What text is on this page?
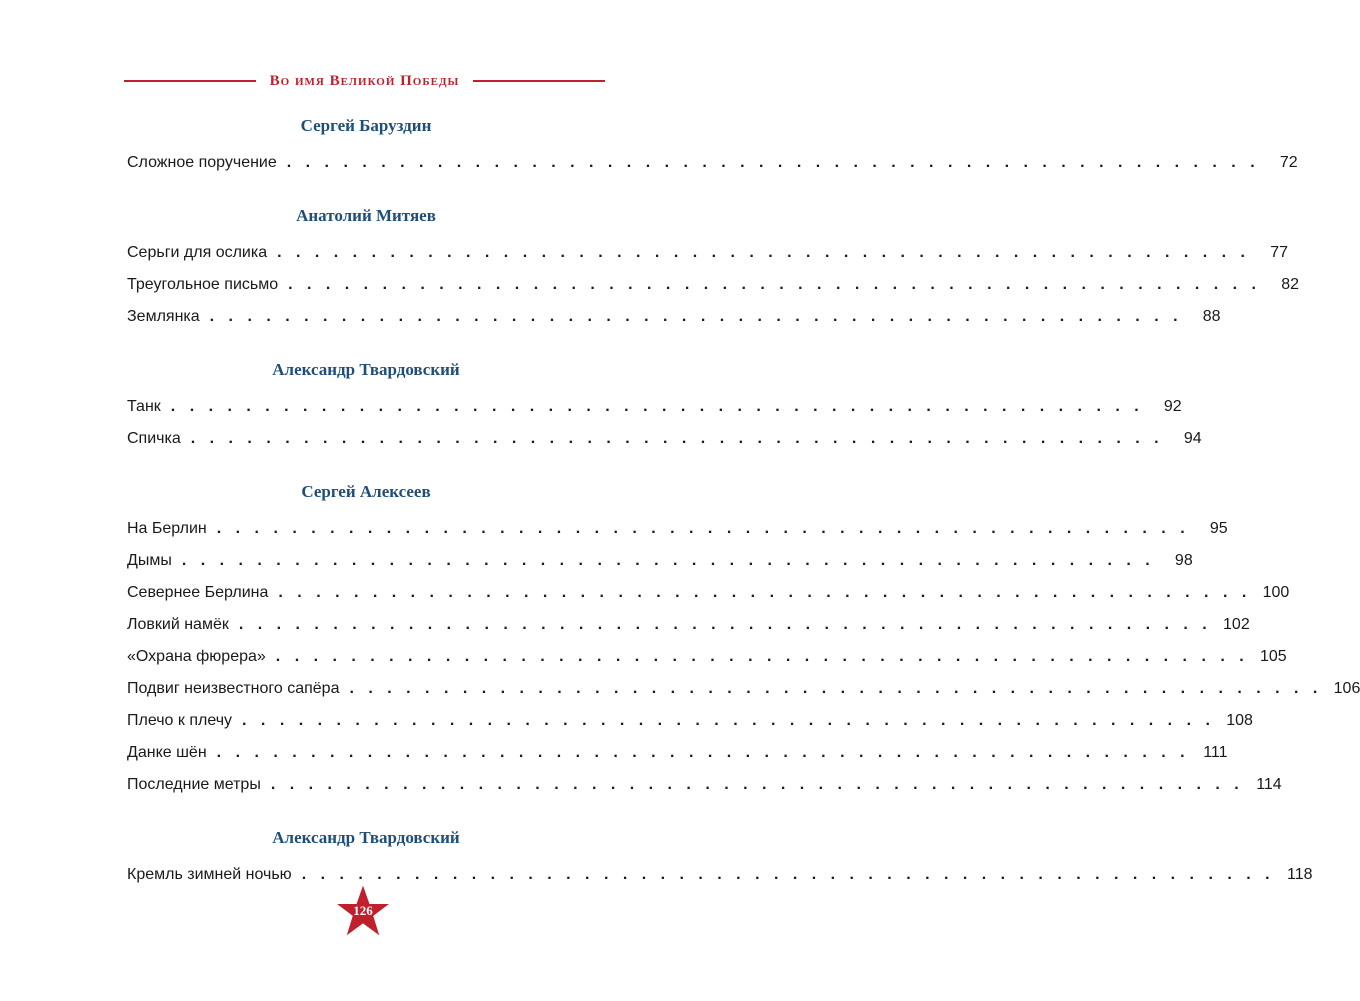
Во имя Великой Победы
Сергей Баруздин
Сложное поручение . . . . . . . . . . . . . . . . . . . . . . . . . . . . . . . . . . . . . . . . . . . . . . . . . . . .	72
Анатолий Митяев
Серьги для ослика . . . . . . . . . . . . . . . . . . . . . . . . . . . . . . . . . . . . . . . . . . . . . . . . . . . .	77
Треугольное письмо . . . . . . . . . . . . . . . . . . . . . . . . . . . . . . . . . . . . . . . . . . . . . . . . . . . .	82
Землянка . . . . . . . . . . . . . . . . . . . . . . . . . . . . . . . . . . . . . . . . . . . . . . . . . . . .	88
Александр Твардовский
Танк . . . . . . . . . . . . . . . . . . . . . . . . . . . . . . . . . . . . . . . . . . . . . . . . . . . .	92
Спичка . . . . . . . . . . . . . . . . . . . . . . . . . . . . . . . . . . . . . . . . . . . . . . . . . . . .	94
Сергей Алексеев
На Берлин . . . . . . . . . . . . . . . . . . . . . . . . . . . . . . . . . . . . . . . . . . . . . . . . . . . .	95
Дымы . . . . . . . . . . . . . . . . . . . . . . . . . . . . . . . . . . . . . . . . . . . . . . . . . . . .	98
Севернее Берлина . . . . . . . . . . . . . . . . . . . . . . . . . . . . . . . . . . . . . . . . . . . . . . . . . . . . 100
Ловкий намёк . . . . . . . . . . . . . . . . . . . . . . . . . . . . . . . . . . . . . . . . . . . . . . . . . . . . 102
«Охрана фюрера» . . . . . . . . . . . . . . . . . . . . . . . . . . . . . . . . . . . . . . . . . . . . . . . . . . . . 105
Подвиг неизвестного сапёра . . . . . . . . . . . . . . . . . . . . . . . . . . . . . . . . . . . . . . . . . . . . . . . . . . . . 106
Плечо к плечу . . . . . . . . . . . . . . . . . . . . . . . . . . . . . . . . . . . . . . . . . . . . . . . . . . . . 108
Данке шён . . . . . . . . . . . . . . . . . . . . . . . . . . . . . . . . . . . . . . . . . . . . . . . . . . . . 111
Последние метры . . . . . . . . . . . . . . . . . . . . . . . . . . . . . . . . . . . . . . . . . . . . . . . . . . . . 114
Александр Твардовский
Кремль зимней ночью . . . . . . . . . . . . . . . . . . . . . . . . . . . . . . . . . . . . . . . . . . . . . . . . . . . . 118
126
